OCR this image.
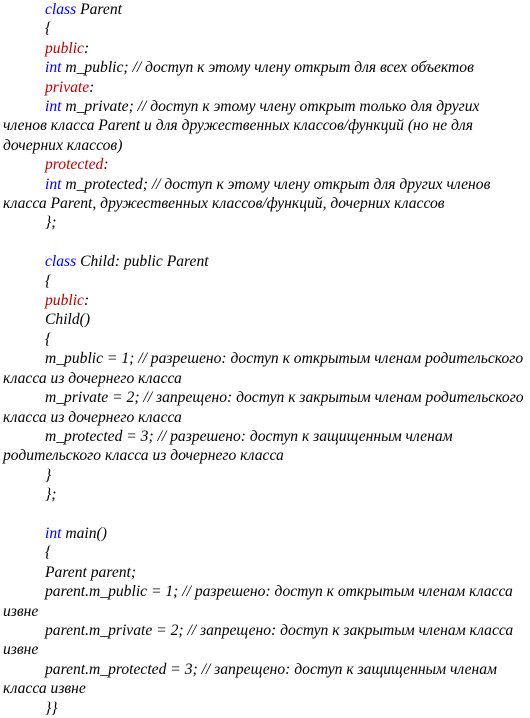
class Parent
{
public:
int m_public; // доступ к этому члену открыт для всех объектов
private:
int m_private; // доступ к этому члену открыт только для других членов класса Parent и для дружественных классов/функций (но не для дочерних классов)
protected:
int m_protected; // доступ к этому члену открыт для других членов класса Parent, дружественных классов/функций, дочерних классов
};
class Child: public Parent
{
public:
Child()
{
m_public = 1; // разрешено: доступ к открытым членам родительского класса из дочернего класса
m_private = 2; // запрещено: доступ к закрытым членам родительского класса из дочернего класса
m_protected = 3; // разрешено: доступ к защищенным членам родительского класса из дочернего класса
}
};
int main()
{
Parent parent;
parent.m_public = 1; // разрешено: доступ к открытым членам класса извне
parent.m_private = 2; // запрещено: доступ к закрытым членам класса извне
parent.m_protected = 3; // запрещено: доступ к защищенным членам класса извне
}}
